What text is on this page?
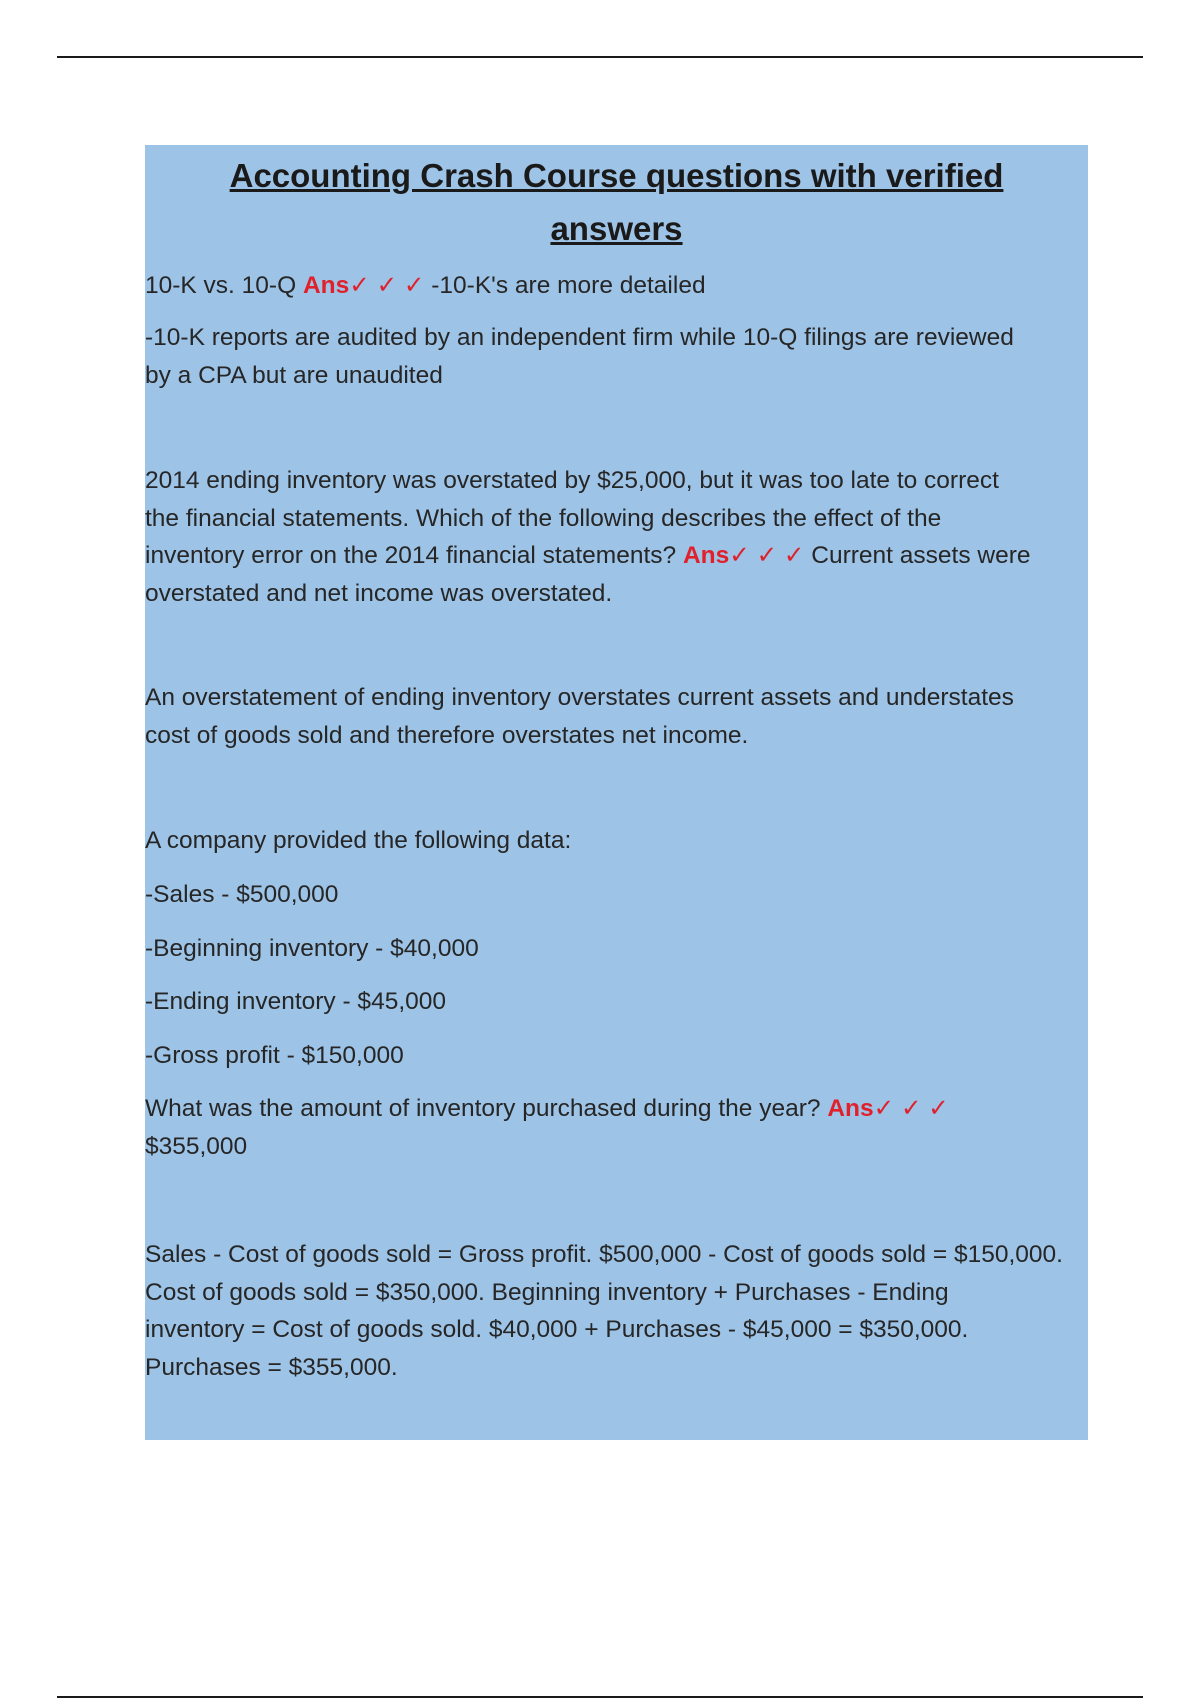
Accounting Crash Course questions with verified
answers
10-K vs. 10-Q Ans✓ ✓ ✓ -10-K's are more detailed
-10-K reports are audited by an independent firm while 10-Q filings are reviewed
by a CPA but are unaudited
2014 ending inventory was overstated by $25,000, but it was too late to correct
the financial statements. Which of the following describes the effect of the
inventory error on the 2014 financial statements? Ans✓ ✓ ✓ Current assets were
overstated and net income was overstated.
An overstatement of ending inventory overstates current assets and understates
cost of goods sold and therefore overstates net income.
A company provided the following data:
-Sales - $500,000
-Beginning inventory - $40,000
-Ending inventory - $45,000
-Gross profit - $150,000
What was the amount of inventory purchased during the year? Ans✓ ✓ ✓
$355,000
Sales - Cost of goods sold = Gross profit. $500,000 - Cost of goods sold = $150,000.
Cost of goods sold = $350,000. Beginning inventory + Purchases - Ending
inventory = Cost of goods sold. $40,000 + Purchases - $45,000 = $350,000.
Purchases = $355,000.
